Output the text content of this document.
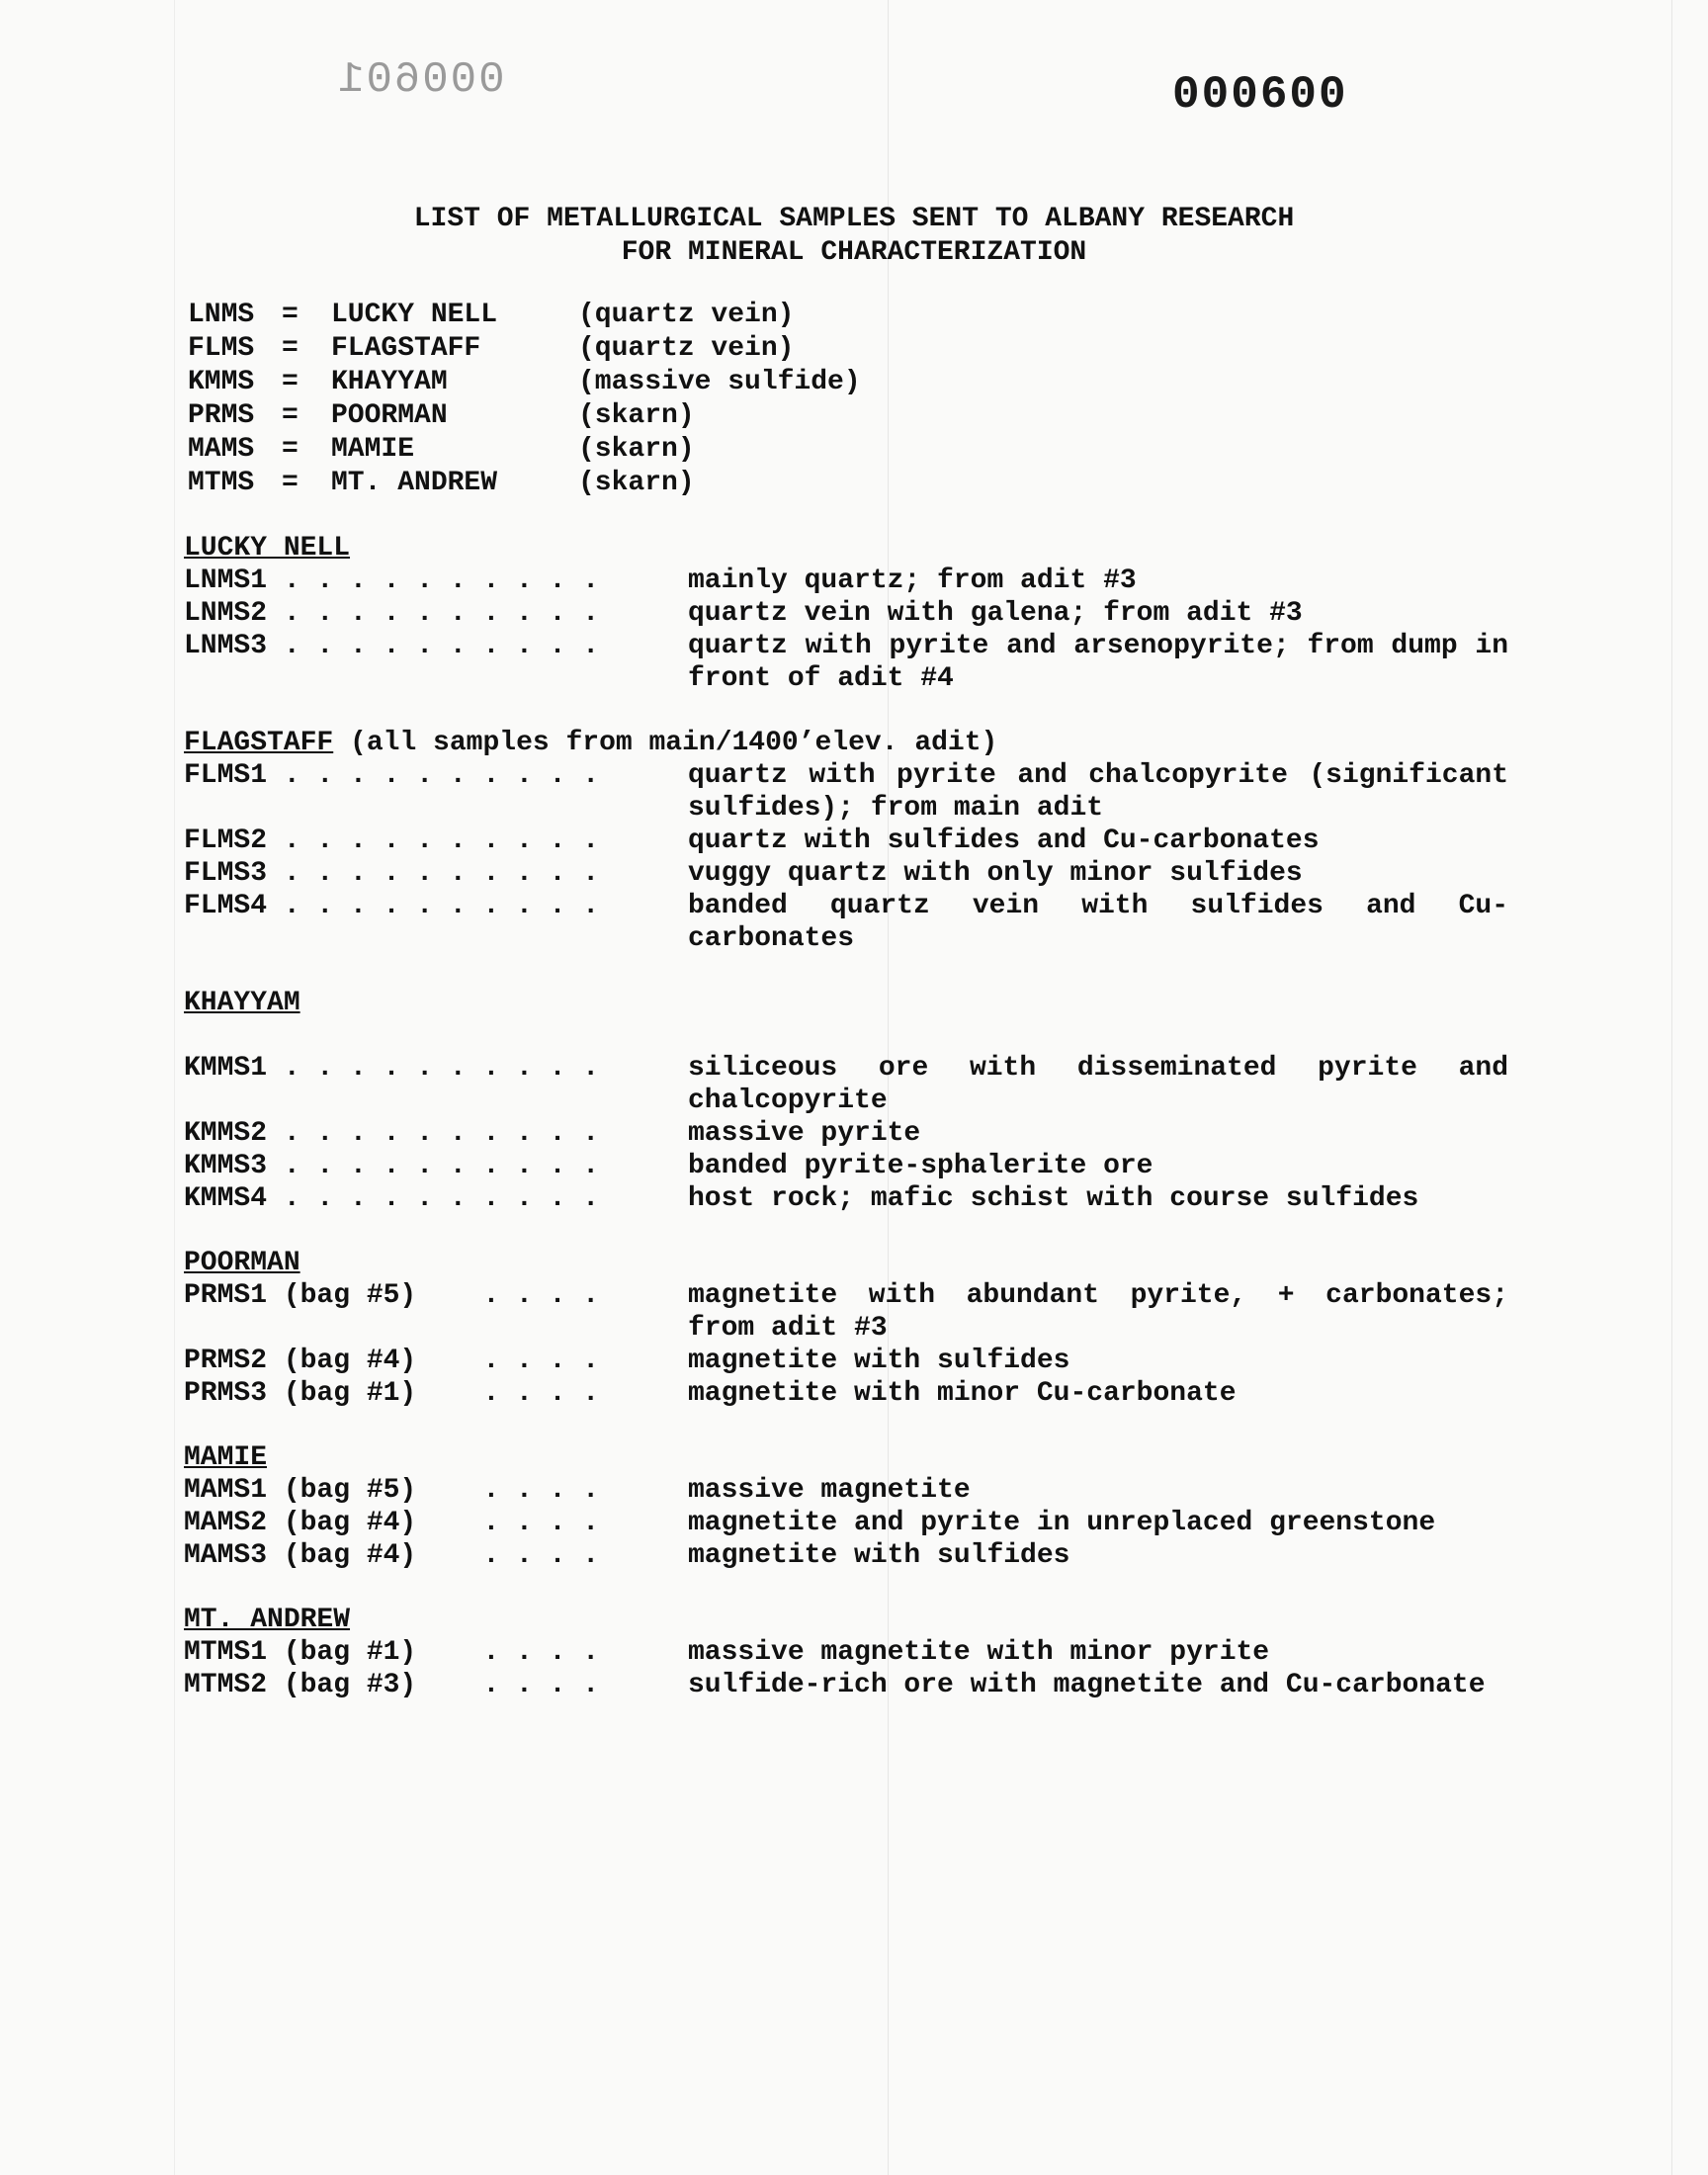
000601	000600
LIST OF METALLURGICAL SAMPLES SENT TO ALBANY RESEARCH
FOR MINERAL CHARACTERIZATION
LNMS = LUCKY NELL	(quartz vein)
FLMS = FLAGSTAFF	(quartz vein)
KMMS = KHAYYAM	(massive sulfide)
PRMS = POORMAN	(skarn)
MAMS = MAMIE	(skarn)
MTMS = MT. ANDREW	(skarn)
LUCKY NELL
LNMS1 . . . . . . . . . .	mainly quartz; from adit #3
LNMS2 . . . . . . . . . .	quartz vein with galena; from adit #3
LNMS3 . . . . . . . . . .	quartz with pyrite and arsenopyrite; from dump in front of adit #4
FLAGSTAFF (all samples from main/1400’elev. adit)
FLMS1 . . . . . . . . . .	quartz with pyrite and chalcopyrite (significant sulfides); from main adit
FLMS2 . . . . . . . . . .	quartz with sulfides and Cu-carbonates
FLMS3 . . . . . . . . . .	vuggy quartz with only minor sulfides
FLMS4 . . . . . . . . . .	banded quartz vein with sulfides and Cu-carbonates
KHAYYAM
KMMS1 . . . . . . . . . .	siliceous ore with disseminated pyrite and chalcopyrite
KMMS2 . . . . . . . . . .	massive pyrite
KMMS3 . . . . . . . . . .	banded pyrite-sphalerite ore
KMMS4 . . . . . . . . . .	host rock; mafic schist with course sulfides
POORMAN
PRMS1 (bag #5)    . . . .	magnetite with abundant pyrite, + carbonates; from adit #3
PRMS2 (bag #4)    . . . .	magnetite with sulfides
PRMS3 (bag #1)    . . . .	magnetite with minor Cu-carbonate
MAMIE
MAMS1 (bag #5)    . . . .	massive magnetite
MAMS2 (bag #4)    . . . .	magnetite and pyrite in unreplaced greenstone
MAMS3 (bag #4)    . . . .	magnetite with sulfides
MT. ANDREW
MTMS1 (bag #1)    . . . .	massive magnetite with minor pyrite
MTMS2 (bag #3)    . . . .	sulfide-rich ore with magnetite and Cu-carbonate
